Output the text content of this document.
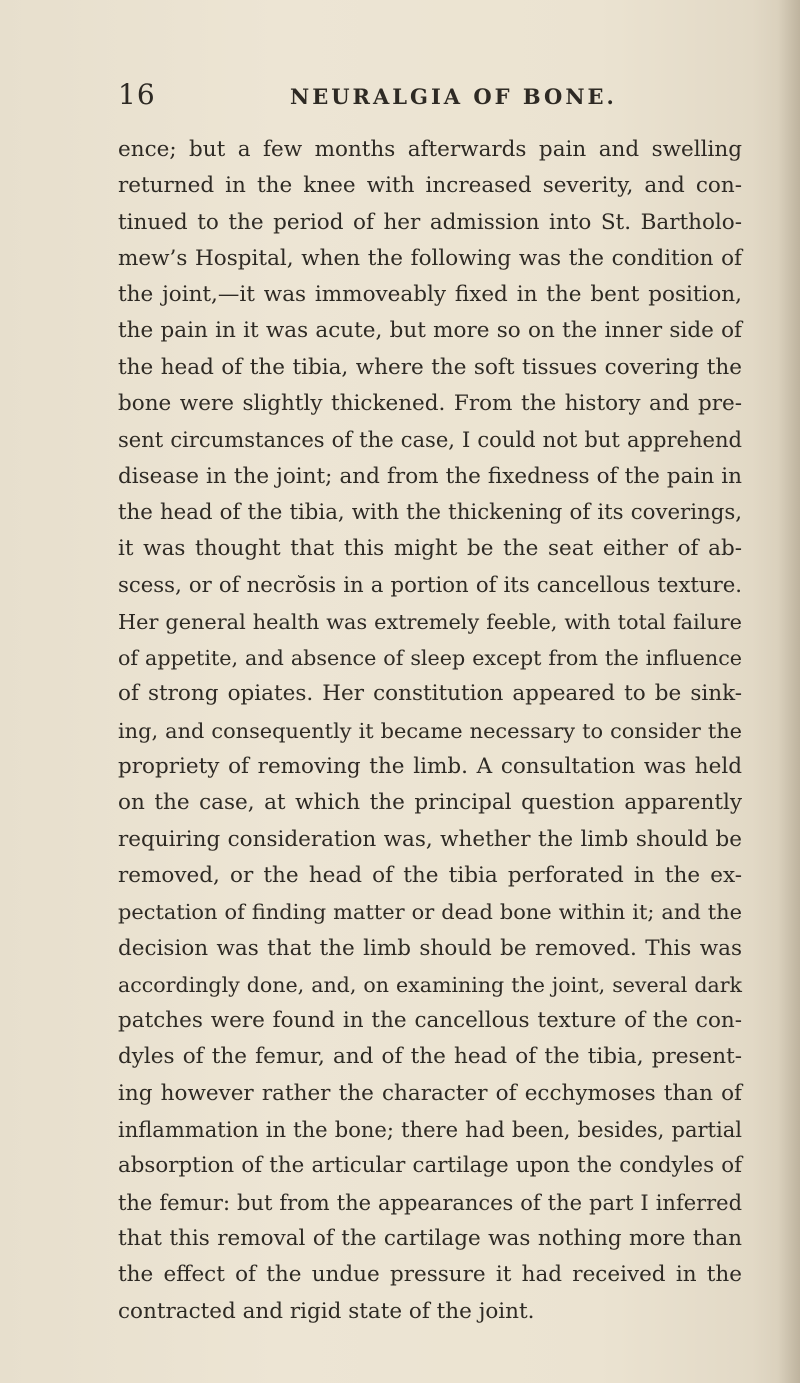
16	NEURALGIA OF BONE.
ence; but a few months afterwards pain and swelling
returned in the knee with increased severity, and con-
tinued to the period of her admission into St. Bartholo-
mew’s Hospital, when the following was the condition of
the joint,—it was immoveably fixed in the bent position,
the pain in it was acute, but more so on the inner side of
the head of the tibia, where the soft tissues covering the
bone were slightly thickened. From the history and pre-
sent circumstances of the case, I could not but apprehend
disease in the joint; and from the fixedness of the pain in
the head of the tibia, with the thickening of its coverings,
it was thought that this might be the seat either of ab-
scess, or of necrŏsis in a portion of its cancellous texture.
Her general health was extremely feeble, with total failure
of appetite, and absence of sleep except from the influence
of strong opiates. Her constitution appeared to be sink-
ing, and consequently it became necessary to consider the
propriety of removing the limb. A consultation was held
on the case, at which the principal question apparently
requiring consideration was, whether the limb should be
removed, or the head of the tibia perforated in the ex-
pectation of finding matter or dead bone within it; and the
decision was that the limb should be removed. This was
accordingly done, and, on examining the joint, several dark
patches were found in the cancellous texture of the con-
dyles of the femur, and of the head of the tibia, present-
ing however rather the character of ecchymoses than of
inflammation in the bone; there had been, besides, partial
absorption of the articular cartilage upon the condyles of
the femur: but from the appearances of the part I inferred
that this removal of the cartilage was nothing more than
the effect of the undue pressure it had received in the
contracted and rigid state of the joint.
